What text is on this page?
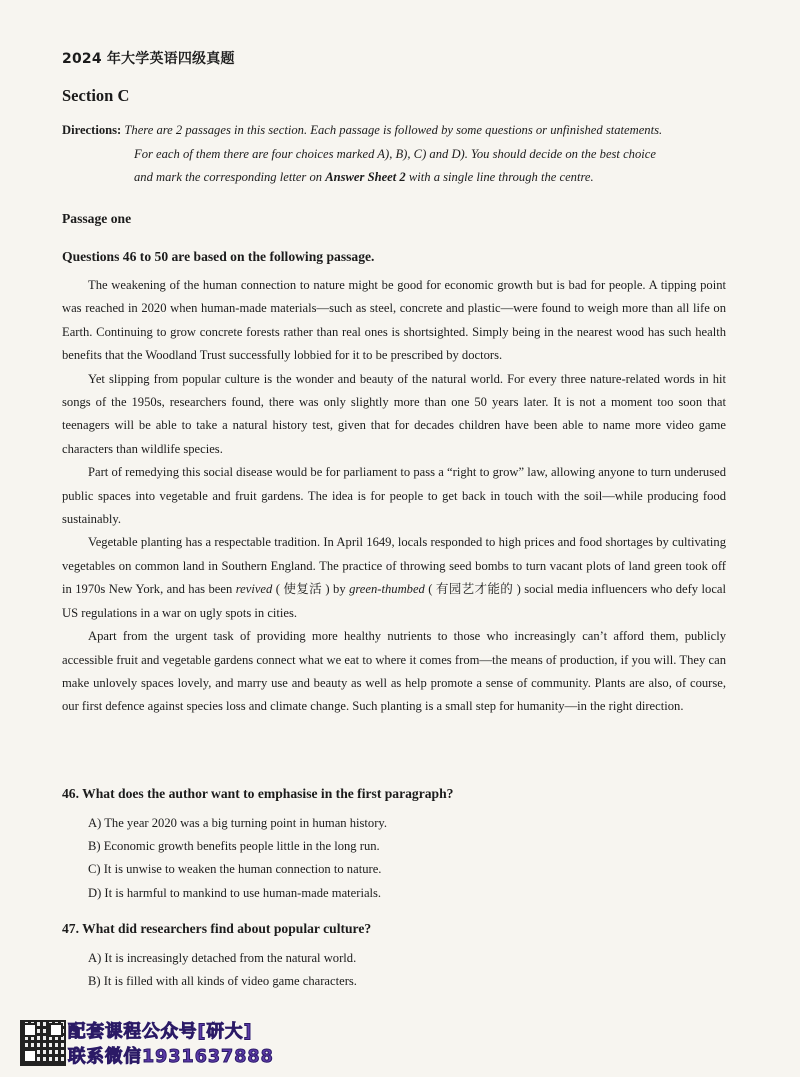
2024 年大学英语四级真题
Section C
Directions: There are 2 passages in this section. Each passage is followed by some questions or unfinished statements.
For each of them there are four choices marked A), B), C) and D). You should decide on the best choice
and mark the corresponding letter on Answer Sheet 2 with a single line through the centre.
Passage one
Questions 46 to 50 are based on the following passage.

The weakening of the human connection to nature might be good for economic growth but is bad for people. A tipping point was reached in 2020 when human-made materials—such as steel, concrete and plastic—were found to weigh more than all life on Earth. Continuing to grow concrete forests rather than real ones is shortsighted. Simply being in the nearest wood has such health benefits that the Woodland Trust successfully lobbied for it to be prescribed by doctors.

Yet slipping from popular culture is the wonder and beauty of the natural world. For every three nature-related words in hit songs of the 1950s, researchers found, there was only slightly more than one 50 years later. It is not a moment too soon that teenagers will be able to take a natural history test, given that for decades children have been able to name more video game characters than wildlife species.

Part of remedying this social disease would be for parliament to pass a “right to grow” law, allowing anyone to turn underused public spaces into vegetable and fruit gardens. The idea is for people to get back in touch with the soil—while producing food sustainably.

Vegetable planting has a respectable tradition. In April 1649, locals responded to high prices and food shortages by cultivating vegetables on common land in Southern England. The practice of throwing seed bombs to turn vacant plots of land green took off in 1970s New York, and has been revived ( 使复活 ) by green-thumbed ( 有园艺才能的 ) social media influencers who defy local US regulations in a war on ugly spots in cities.

Apart from the urgent task of providing more healthy nutrients to those who increasingly can’t afford them, publicly accessible fruit and vegetable gardens connect what we eat to where it comes from—the means of production, if you will. They can make unlovely spaces lovely, and marry use and beauty as well as help promote a sense of community. Plants are also, of course, our first defence against species loss and climate change. Such planting is a small step for humanity—in the right direction.

46. What does the author want to emphasise in the first paragraph?
A) The year 2020 was a big turning point in human history.
B) Economic growth benefits people little in the long run.
C) It is unwise to weaken the human connection to nature.
D) It is harmful to mankind to use human-made materials.
47. What did researchers find about popular culture?
A) It is increasingly detached from the natural world.
B) It is filled with all kinds of video game characters.
配套课程公众号[研大]
联系微信1931637888
